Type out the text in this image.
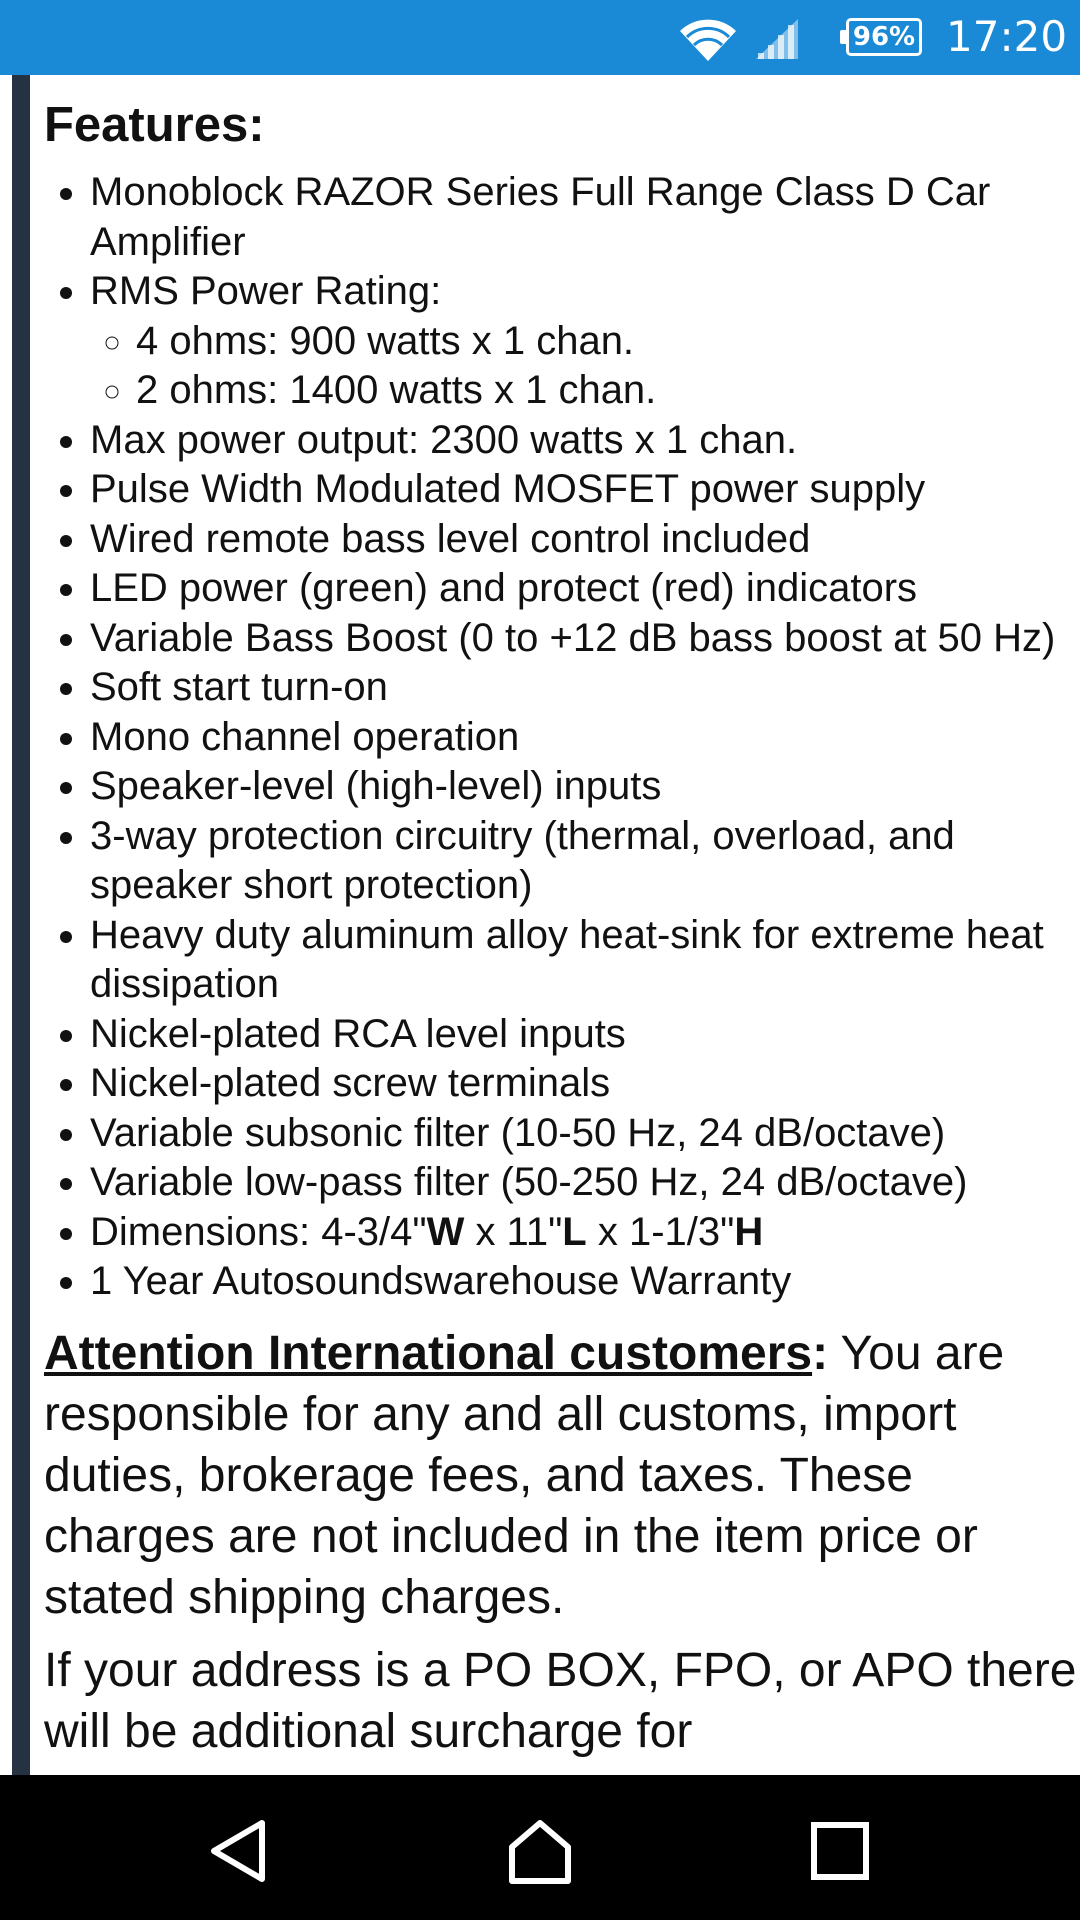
96% 17:20
Features:
• Monoblock RAZOR Series Full Range Class D Car Amplifier
• RMS Power Rating:
◦ 4 ohms: 900 watts x 1 chan.
◦ 2 ohms: 1400 watts x 1 chan.
• Max power output: 2300 watts x 1 chan.
• Pulse Width Modulated MOSFET power supply
• Wired remote bass level control included
• LED power (green) and protect (red) indicators
• Variable Bass Boost (0 to +12 dB bass boost at 50 Hz)
• Soft start turn-on
• Mono channel operation
• Speaker-level (high-level) inputs
• 3-way protection circuitry (thermal, overload, and speaker short protection)
• Heavy duty aluminum alloy heat-sink for extreme heat dissipation
• Nickel-plated RCA level inputs
• Nickel-plated screw terminals
• Variable subsonic filter (10-50 Hz, 24 dB/octave)
• Variable low-pass filter (50-250 Hz, 24 dB/octave)
• Dimensions: 4-3/4"W x 11"L x 1-1/3"H
• 1 Year Autosoundswarehouse Warranty

Attention International customers: You are responsible for any and all customs, import duties, brokerage fees, and taxes. These charges are not included in the item price or stated shipping charges.

If your address is a PO BOX, FPO, or APO there will be additional surcharge for
